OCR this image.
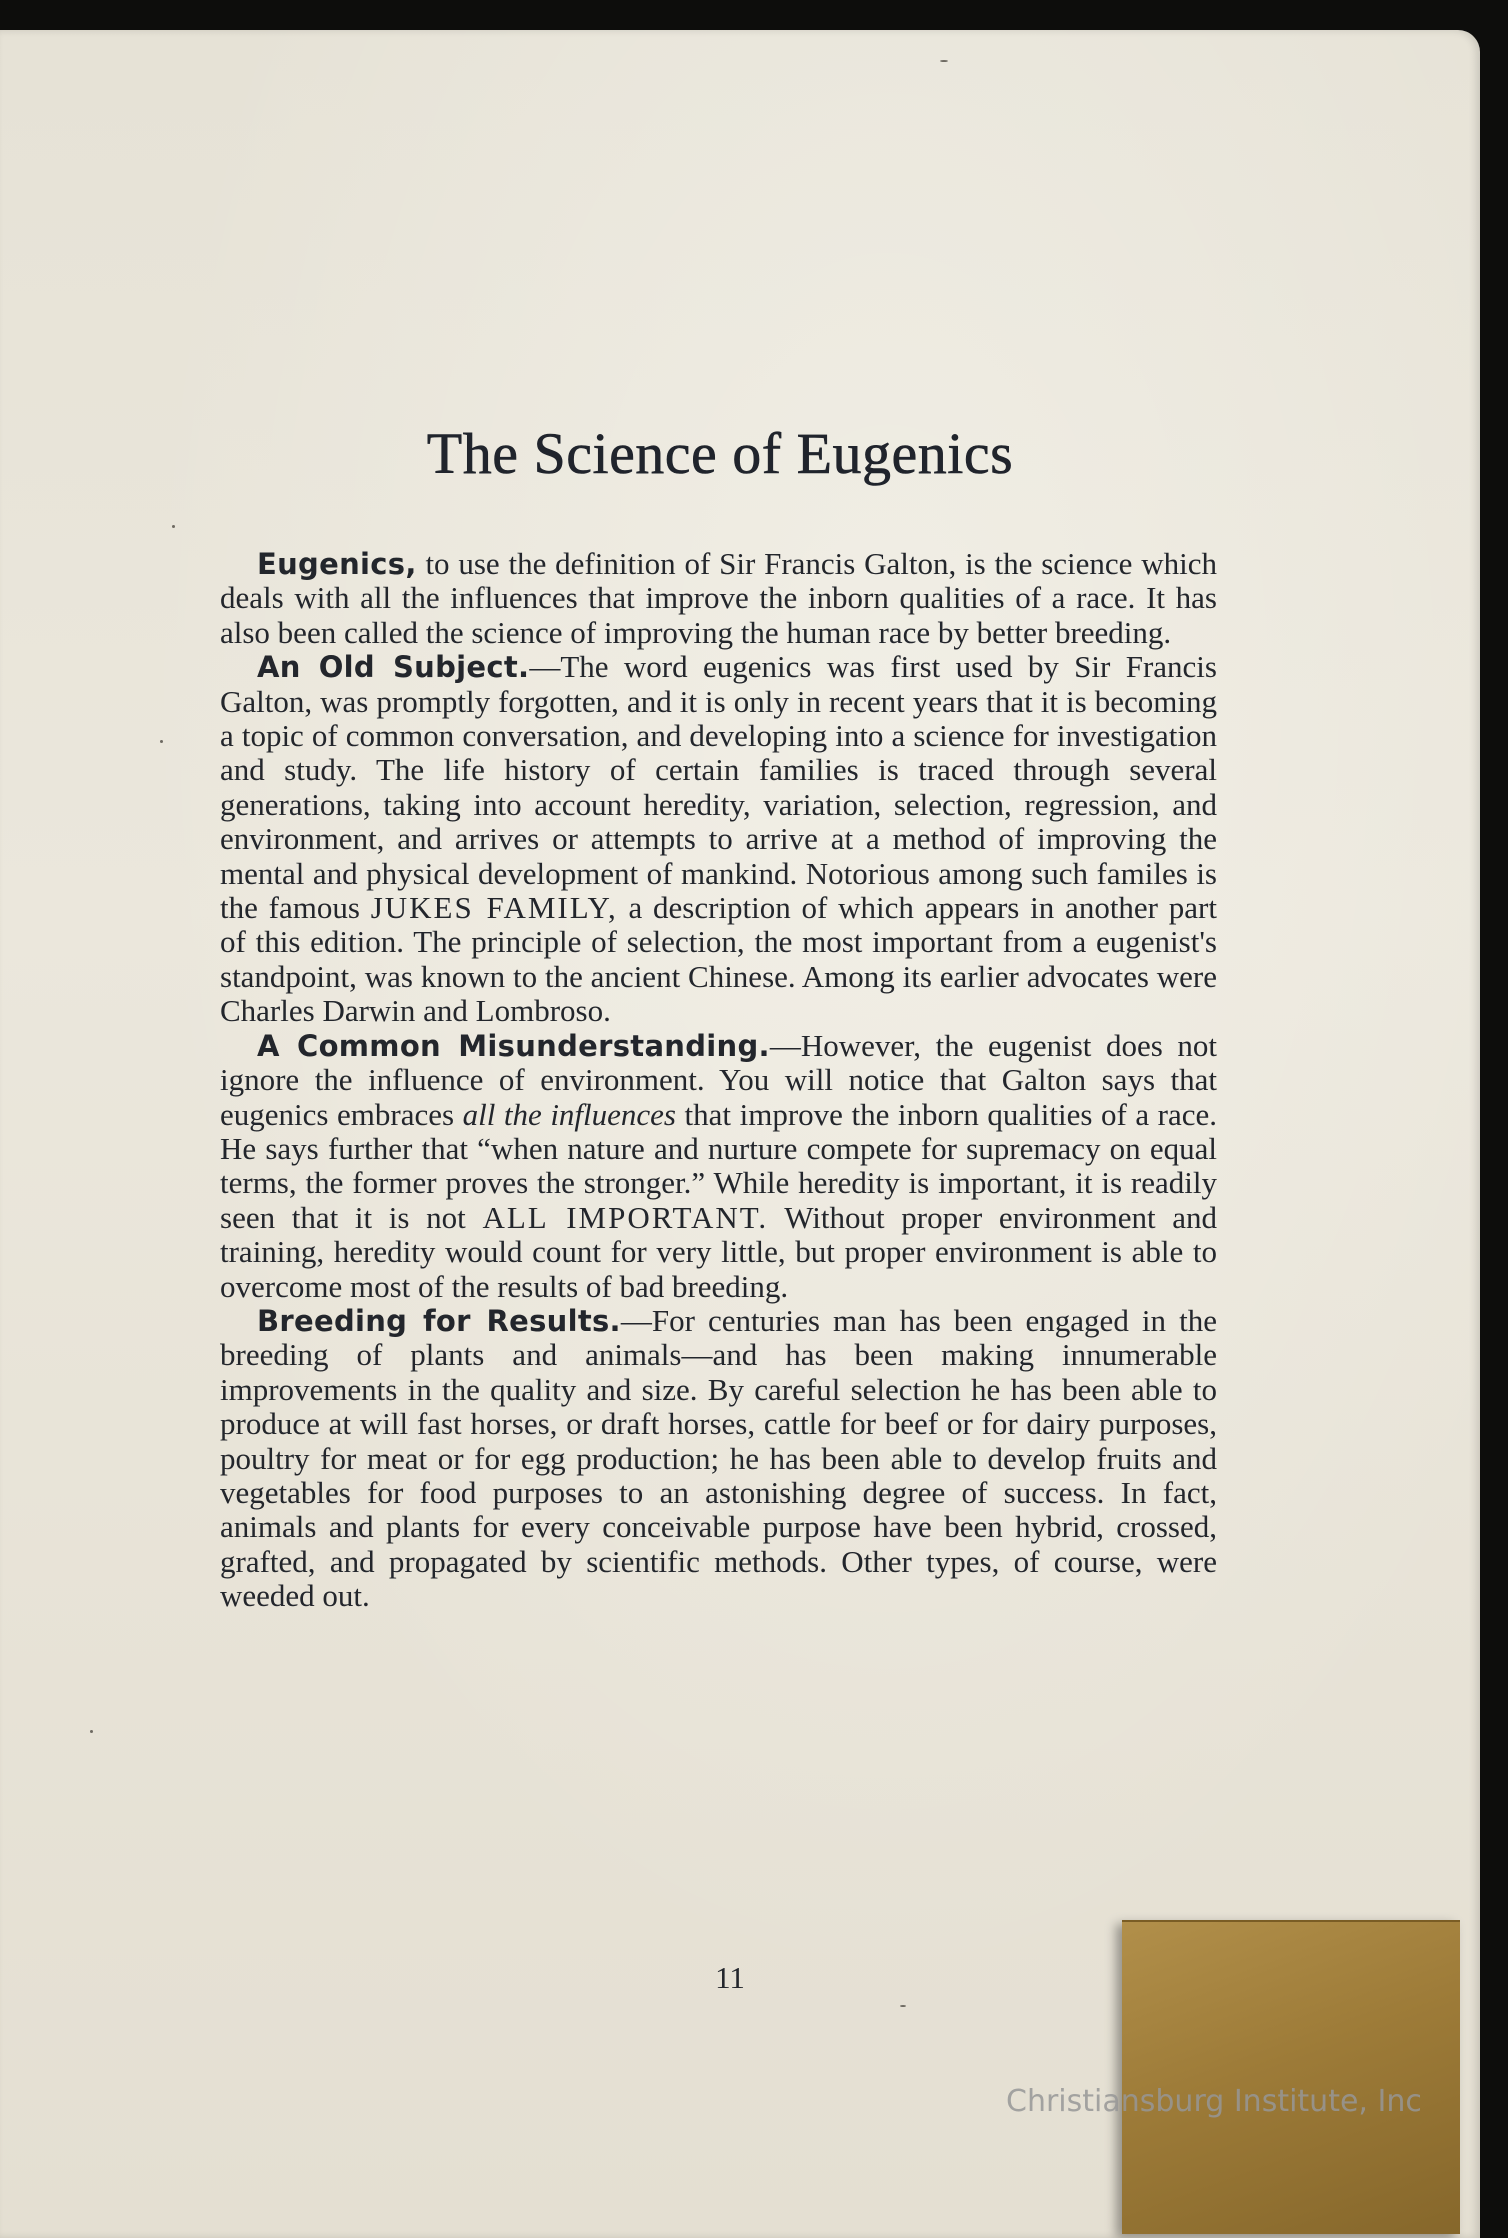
The Science of Eugenics

Eugenics, to use the definition of Sir Francis Galton, is the science which deals with all the influences that improve the inborn qualities of a race. It has also been called the science of improving the human race by better breeding.

An Old Subject.—The word eugenics was first used by Sir Francis Galton, was promptly forgotten, and it is only in recent years that it is becoming a topic of common conversation, and developing into a science for investigation and study. The life history of certain families is traced through several generations, taking into account heredity, variation, selection, regression, and environment, and arrives or attempts to arrive at a method of improving the mental and physical development of mankind. Notorious among such familes is the famous JUKES FAMILY, a description of which appears in another part of this edition. The principle of selection, the most important from a eugenist's standpoint, was known to the ancient Chinese. Among its earlier advocates were Charles Darwin and Lombroso.

A Common Misunderstanding.—However, the eugenist does not ignore the influence of environment. You will notice that Galton says that eugenics embraces all the influences that improve the inborn qualities of a race. He says further that “when nature and nurture compete for supremacy on equal terms, the former proves the stronger.” While heredity is important, it is readily seen that it is not ALL IMPORTANT. Without proper environment and training, heredity would count for very little, but proper environment is able to overcome most of the results of bad breeding.

Breeding for Results.—For centuries man has been engaged in the breeding of plants and animals—and has been making innumerable improvements in the quality and size. By careful selection he has been able to produce at will fast horses, or draft horses, cattle for beef or for dairy purposes, poultry for meat or for egg production; he has been able to develop fruits and vegetables for food purposes to an astonishing degree of success. In fact, animals and plants for every conceivable purpose have been hybrid, crossed, grafted, and propagated by scientific methods. Other types, of course, were weeded out.

11
Christiansburg Institute, Inc
